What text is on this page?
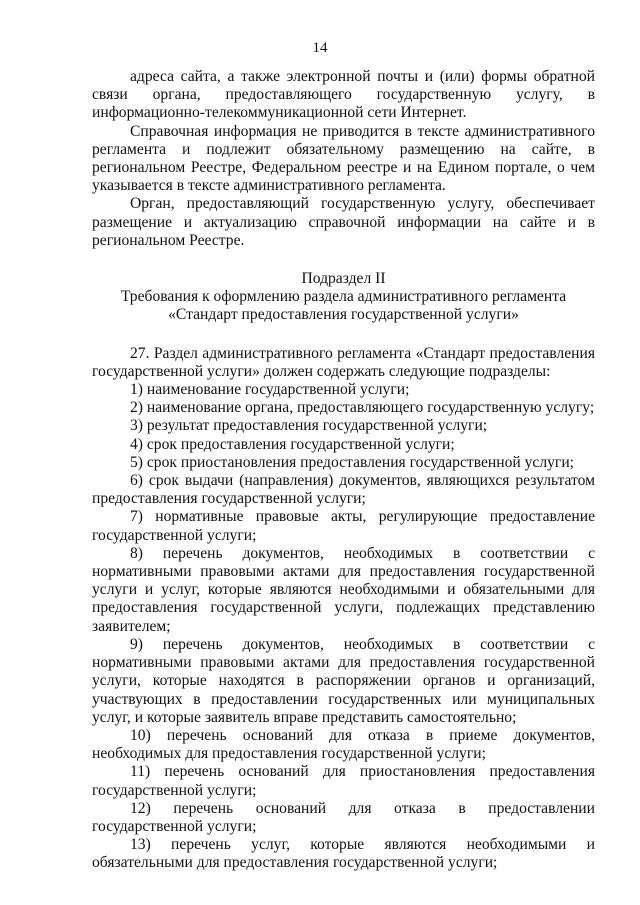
14

адреса сайта, а также электронной почты и (или) формы обратной связи органа, предоставляющего государственную услугу, в информационно-телекоммуникационной сети Интернет.

Справочная информация не приводится в тексте административного регламента и подлежит обязательному размещению на сайте, в региональном Реестре, Федеральном реестре и на Едином портале, о чем указывается в тексте административного регламента.

Орган, предоставляющий государственную услугу, обеспечивает размещение и актуализацию справочной информации на сайте и в региональном Реестре.

Подраздел II
Требования к оформлению раздела административного регламента
«Стандарт предоставления государственной услуги»

27. Раздел административного регламента «Стандарт предоставления государственной услуги» должен содержать следующие подразделы:

1) наименование государственной услуги;

2) наименование органа, предоставляющего государственную услугу;

3) результат предоставления государственной услуги;

4) срок предоставления государственной услуги;

5) срок приостановления предоставления государственной услуги;

6) срок выдачи (направления) документов, являющихся результатом предоставления государственной услуги;

7) нормативные правовые акты, регулирующие предоставление государственной услуги;

8) перечень документов, необходимых в соответствии с нормативными правовыми актами для предоставления государственной услуги и услуг, которые являются необходимыми и обязательными для предоставления государственной услуги, подлежащих представлению заявителем;

9) перечень документов, необходимых в соответствии с нормативными правовыми актами для предоставления государственной услуги, которые находятся в распоряжении органов и организаций, участвующих в предоставлении государственных или муниципальных услуг, и которые заявитель вправе представить самостоятельно;

10) перечень оснований для отказа в приеме документов, необходимых для предоставления государственной услуги;

11) перечень оснований для приостановления предоставления государственной услуги;

12) перечень оснований для отказа в предоставлении государственной услуги;

13) перечень услуг, которые являются необходимыми и обязательными для предоставления государственной услуги;
